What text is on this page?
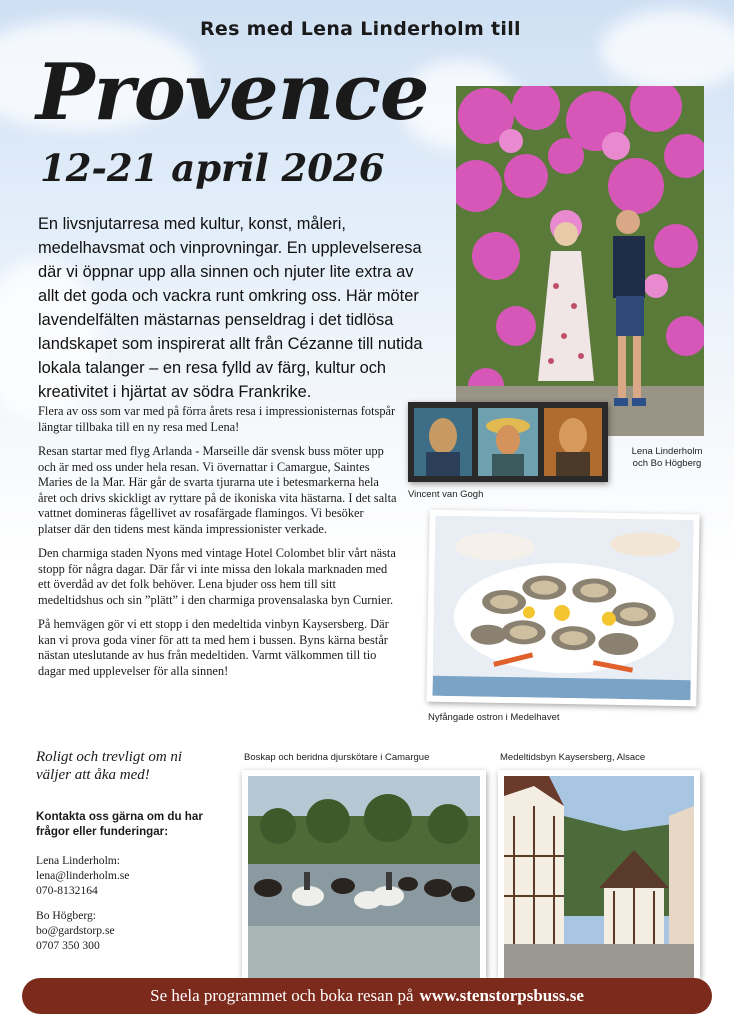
Res med Lena Linderholm till
Provence
12-21 april 2026
En livsnjutarresa med kultur, konst, måleri, medelhavsmat och vinprovningar. En upplevelseresa där vi öppnar upp alla sinnen och njuter lite extra av allt det goda och vackra runt omkring oss. Här möter lavendelfälten mästarnas penseldrag i det tidlösa landskapet som inspirerat allt från Cézanne till nutida lokala talanger – en resa fylld av färg, kultur och kreativitet i hjärtat av södra Frankrike.

Flera av oss som var med på förra årets resa i impressionisternas fotspår längtar tillbaka till en ny resa med Lena!

Resan startar med flyg Arlanda - Marseille där svensk buss möter upp och är med oss under hela resan. Vi övernattar i Camargue, Saintes Maries de la Mar. Här går de svarta tjurarna ute i betesmarkerna hela året och drivs skickligt av ryttare på de ikoniska vita hästarna. I det salta vattnet domineras fågellivet av rosafärgade flamingos. Vi besöker platser där den tidens mest kända impressionister verkade.

Den charmiga staden Nyons med vintage Hotel Colombet blir vårt nästa stopp för några dagar. Där får vi inte missa den lokala marknaden med ett överdåd av det folk behöver. Lena bjuder oss hem till sitt medeltidshus och sin ”plätt” i den charmiga provensalaska byn Curnier.

På hemvägen gör vi ett stopp i den medeltida vinbyn Kaysersberg. Där kan vi prova goda viner för att ta med hem i bussen. Byns kärna består nästan uteslutande av hus från medeltiden. Varmt välkommen till tio dagar med upplevelser för alla sinnen!

Lena Linderholm
och Bo Högberg
Vincent van Gogh
Nyfångade ostron i Medelhavet
Roligt och trevligt om ni väljer att åka med!
Kontakta oss gärna om du har frågor eller funderingar:
Lena Linderholm:
lena@linderholm.se
070-8132164
Bo Högberg:
bo@gardstorp.se
0707 350 300
Boskap och beridna djurskötare i Camargue	Medeltidsbyn Kaysersberg, Alsace
Se hela programmet och boka resan på www.stenstorpsbuss.se
